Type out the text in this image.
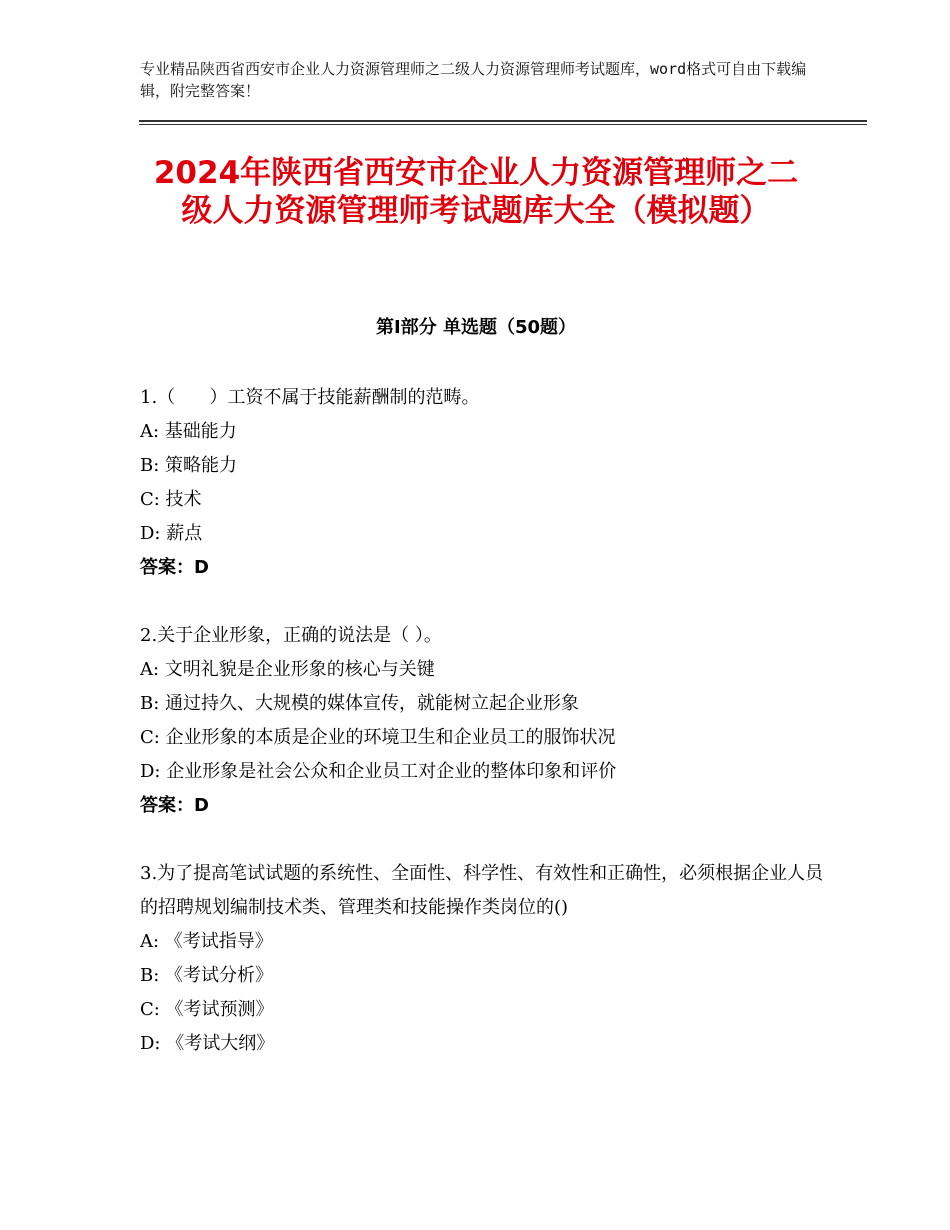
专业精品陕西省西安市企业人力资源管理师之二级人力资源管理师考试题库，word格式可自由下载编辑，附完整答案！
2024年陕西省西安市企业人力资源管理师之二级人力资源管理师考试题库大全（模拟题）
第Ⅰ部分 单选题（50题）
1.（      ）工资不属于技能薪酬制的范畴。
A: 基础能力
B: 策略能力
C: 技术
D: 薪点
答案：D
2.关于企业形象，正确的说法是（ ）。
A: 文明礼貌是企业形象的核心与关键
B: 通过持久、大规模的媒体宣传，就能树立起企业形象
C: 企业形象的本质是企业的环境卫生和企业员工的服饰状况
D: 企业形象是社会公众和企业员工对企业的整体印象和评价
答案：D
3.为了提高笔试试题的系统性、全面性、科学性、有效性和正确性，必须根据企业人员的招聘规划编制技术类、管理类和技能操作类岗位的()
A: 《考试指导》
B: 《考试分析》
C: 《考试预测》
D: 《考试大纲》
